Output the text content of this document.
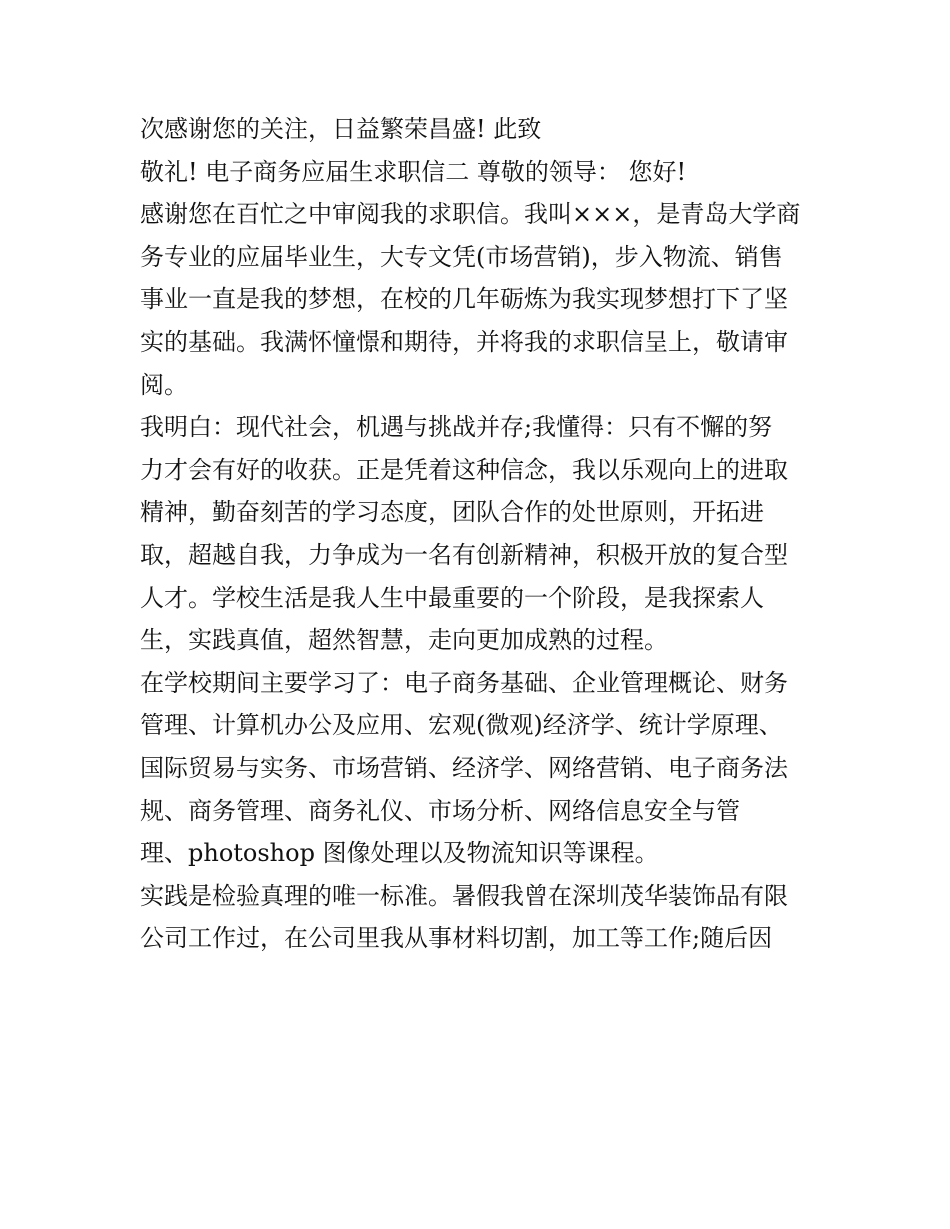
次感谢您的关注，日益繁荣昌盛! 此致
敬礼! 电子商务应届生求职信二 尊敬的领导： 您好!
感谢您在百忙之中审阅我的求职信。我叫×××，是青岛大学商
务专业的应届毕业生，大专文凭(市场营销)，步入物流、销售
事业一直是我的梦想，在校的几年砺炼为我实现梦想打下了坚
实的基础。我满怀憧憬和期待，并将我的求职信呈上，敬请审
阅。
我明白：现代社会，机遇与挑战并存;我懂得：只有不懈的努
力才会有好的收获。正是凭着这种信念，我以乐观向上的进取
精神，勤奋刻苦的学习态度，团队合作的处世原则，开拓进
取，超越自我，力争成为一名有创新精神，积极开放的复合型
人才。学校生活是我人生中最重要的一个阶段，是我探索人
生，实践真值，超然智慧，走向更加成熟的过程。
在学校期间主要学习了：电子商务基础、企业管理概论、财务
管理、计算机办公及应用、宏观(微观)经济学、统计学原理、
国际贸易与实务、市场营销、经济学、网络营销、电子商务法
规、商务管理、商务礼仪、市场分析、网络信息安全与管
理、photoshop 图像处理以及物流知识等课程。
实践是检验真理的唯一标准。暑假我曾在深圳茂华装饰品有限
公司工作过，在公司里我从事材料切割，加工等工作;随后因
